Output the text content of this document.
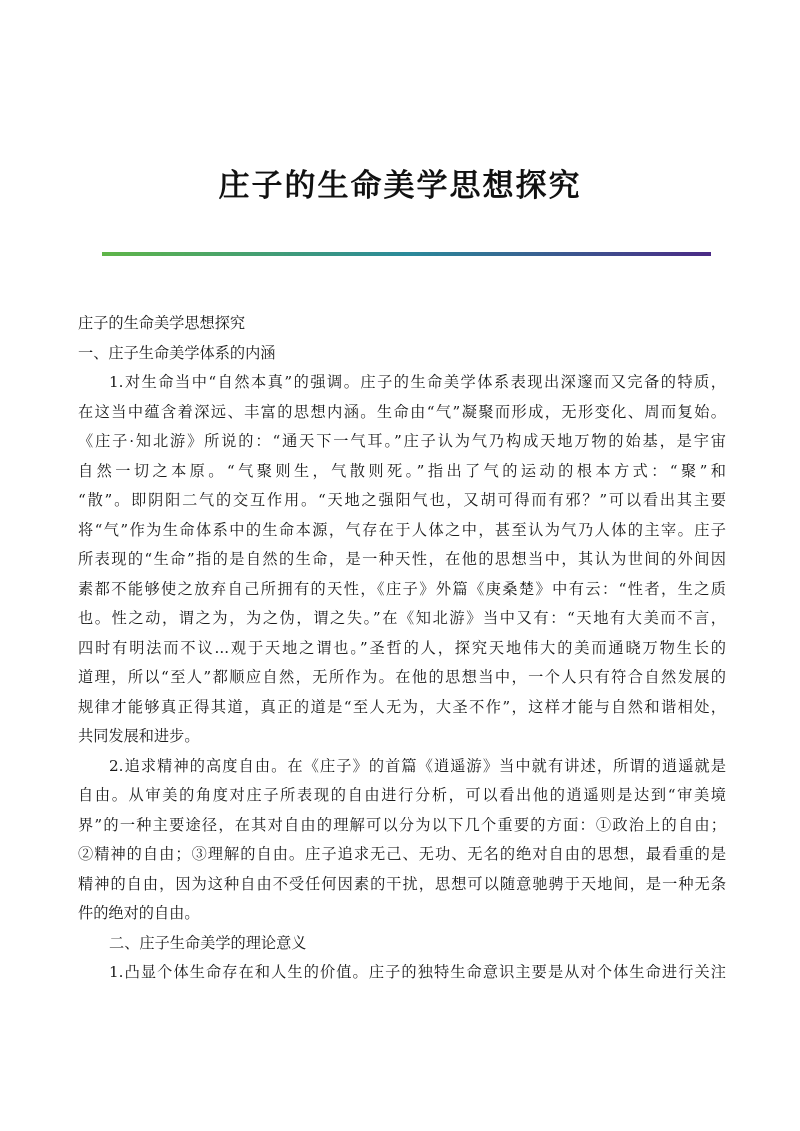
庄子的生命美学思想探究
庄子的生命美学思想探究
一、庄子生命美学体系的内涵
1.对生命当中“自然本真”的强调。庄子的生命美学体系表现出深邃而又完备的特质，
在这当中蕴含着深远、丰富的思想内涵。生命由“气”凝聚而形成，无形变化、周而复始。
《庄子·知北游》所说的：“通天下一气耳。”庄子认为气乃构成天地万物的始基，是宇宙
自然一切之本原。“气聚则生，气散则死。”指出了气的运动的根本方式：“聚”和
“散”。即阴阳二气的交互作用。“天地之强阳气也，又胡可得而有邪？”可以看出其主要
将“气”作为生命体系中的生命本源，气存在于人体之中，甚至认为气乃人体的主宰。庄子
所表现的“生命”指的是自然的生命，是一种天性，在他的思想当中，其认为世间的外间因
素都不能够使之放弃自己所拥有的天性，《庄子》外篇《庚桑楚》中有云：“性者，生之质
也。性之动，谓之为，为之伪，谓之失。”在《知北游》当中又有：“天地有大美而不言，
四时有明法而不议...观于天地之谓也。”圣哲的人，探究天地伟大的美而通晓万物生长的
道理，所以“至人”都顺应自然，无所作为。在他的思想当中，一个人只有符合自然发展的
规律才能够真正得其道，真正的道是“至人无为，大圣不作”，这样才能与自然和谐相处，
共同发展和进步。
2.追求精神的高度自由。在《庄子》的首篇《逍遥游》当中就有讲述，所谓的逍遥就是
自由。从审美的角度对庄子所表现的自由进行分析，可以看出他的逍遥则是达到“审美境
界”的一种主要途径，在其对自由的理解可以分为以下几个重要的方面：①政治上的自由；
②精神的自由；③理解的自由。庄子追求无己、无功、无名的绝对自由的思想，最看重的是
精神的自由，因为这种自由不受任何因素的干扰，思想可以随意驰骋于天地间，是一种无条
件的绝对的自由。
二、庄子生命美学的理论意义
1.凸显个体生命存在和人生的价值。庄子的独特生命意识主要是从对个体生命进行关注
